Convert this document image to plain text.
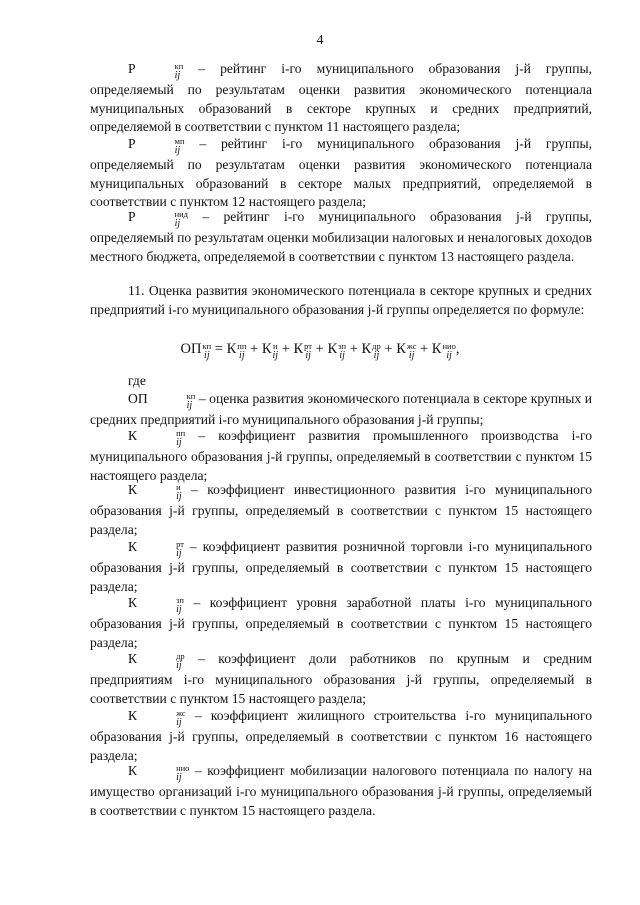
4

Р	кп
ij – рейтинг i-го муниципального образования j-й группы, определяемый по результатам оценки развития экономического потенциала муниципальных образований в секторе крупных и средних предприятий, определяемой в соответствии с пунктом 11 настоящего раздела;

Р	мп
ij – рейтинг i-го муниципального образования j-й группы, определяемый по результатам оценки развития экономического потенциала муниципальных образований в секторе малых предприятий, определяемой в соответствии с пунктом 12 настоящего раздела;

Р	нид
ij – рейтинг i-го муниципального образования j-й группы, определяемый по результатам оценки мобилизации налоговых и неналоговых доходов местного бюджета, определяемой в соответствии с пунктом 13 настоящего раздела.

11. Оценка развития экономического потенциала в секторе крупных и средних предприятий i-го муниципального образования j-й группы определяется по формуле:

ОП кп
ij = К пп
ij + К и
ij + К рт
ij + К зп
ij + К др
ij + К жс
ij + К нио
ij ,

где

ОП	кп
ij – оценка развития экономического потенциала в секторе крупных и средних предприятий i-го муниципального образования j-й группы;

К	пп
ij – коэффициент развития промышленного производства i-го муниципального образования j-й группы, определяемый в соответствии с пунктом 15 настоящего раздела;

К	и
ij – коэффициент инвестиционного развития i-го муниципального образования j-й группы, определяемый в соответствии с пунктом 15 настоящего раздела;

К	рт
ij – коэффициент развития розничной торговли i-го муниципального образования j-й группы, определяемый в соответствии с пунктом 15 настоящего раздела;

К	зп
ij – коэффициент уровня заработной платы i-го муниципального образования j-й группы, определяемый в соответствии с пунктом 15 настоящего раздела;

К	др
ij – коэффициент доли работников по крупным и средним предприятиям i-го муниципального образования j-й группы, определяемый в соответствии с пунктом 15 настоящего раздела;

К	жс
ij – коэффициент жилищного строительства i-го муниципального образования j-й группы, определяемый в соответствии с пунктом 16 настоящего раздела;

К	нио
ij – коэффициент мобилизации налогового потенциала по налогу на имущество организаций i-го муниципального образования j-й группы, определяемый в соответствии с пунктом 15 настоящего раздела.
